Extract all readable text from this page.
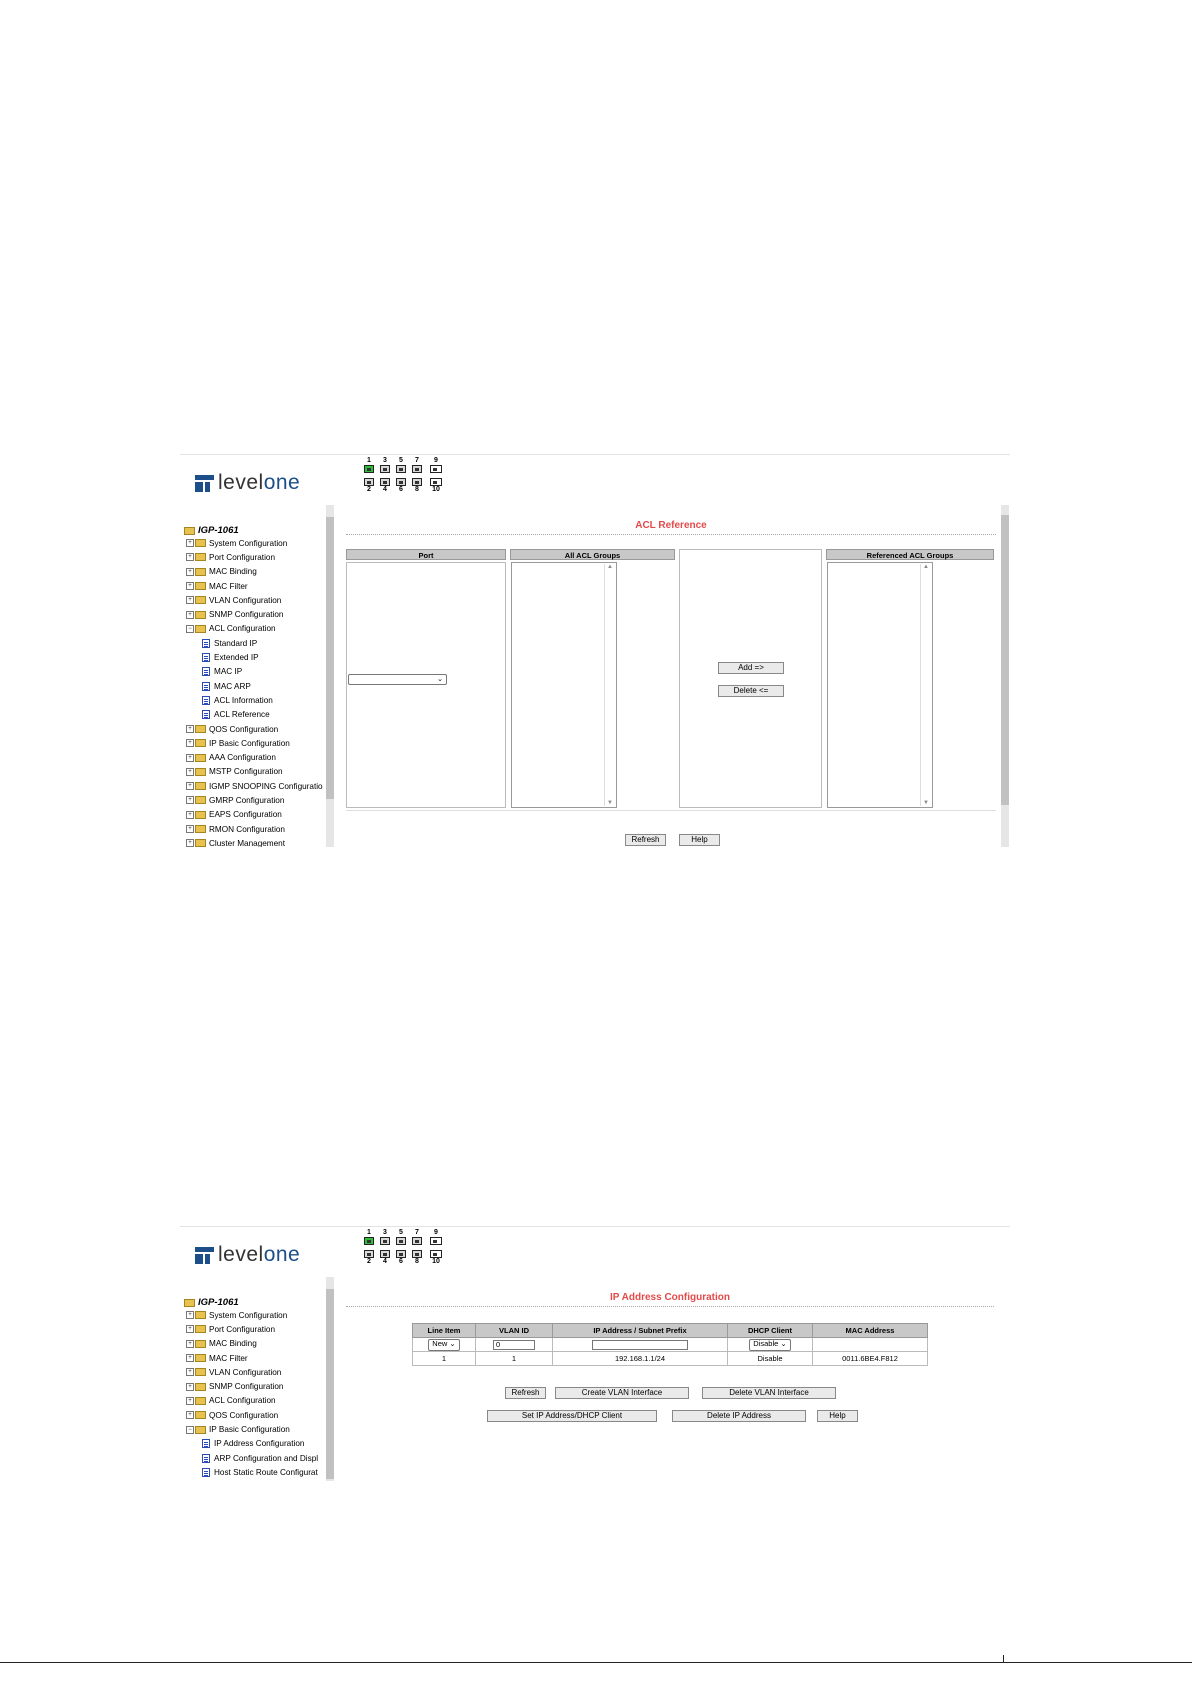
levelone
1
2
3
4
5
6
7
8
9
10
IGP-1061
+ System Configuration
+ Port Configuration
+ MAC Binding
+ MAC Filter
+ VLAN Configuration
+ SNMP Configuration
− ACL Configuration
Standard IP
Extended IP
MAC IP
MAC ARP
ACL Information
ACL Reference
+ QOS Configuration
+ IP Basic Configuration
+ AAA Configuration
+ MSTP Configuration
+ IGMP SNOOPING Configuratio
+ GMRP Configuration
+ EAPS Configuration
+ RMON Configuration
+ Cluster Management
ACL Reference
Port	All ACL Groups	Referenced ACL Groups
⌄
▲
▼
Add =>
Delete <=
▲
▼
Refresh	Help
levelone
1
2
3
4
5
6
7
8
9
10
IGP-1061
+ System Configuration
+ Port Configuration
+ MAC Binding
+ MAC Filter
+ VLAN Configuration
+ SNMP Configuration
+ ACL Configuration
+ QOS Configuration
− IP Basic Configuration
IP Address Configuration
ARP Configuration and Displ
Host Static Route Configurat
IP Address Configuration
Line Item	VLAN ID	IP Address / Subnet Prefix	DHCP Client	MAC Address
New ⌄	0		Disable ⌄	
1	1	192.168.1.1/24	Disable	0011.6BE4.F812
Refresh	Create VLAN Interface	Delete VLAN Interface
Set IP Address/DHCP Client	Delete IP Address	Help
